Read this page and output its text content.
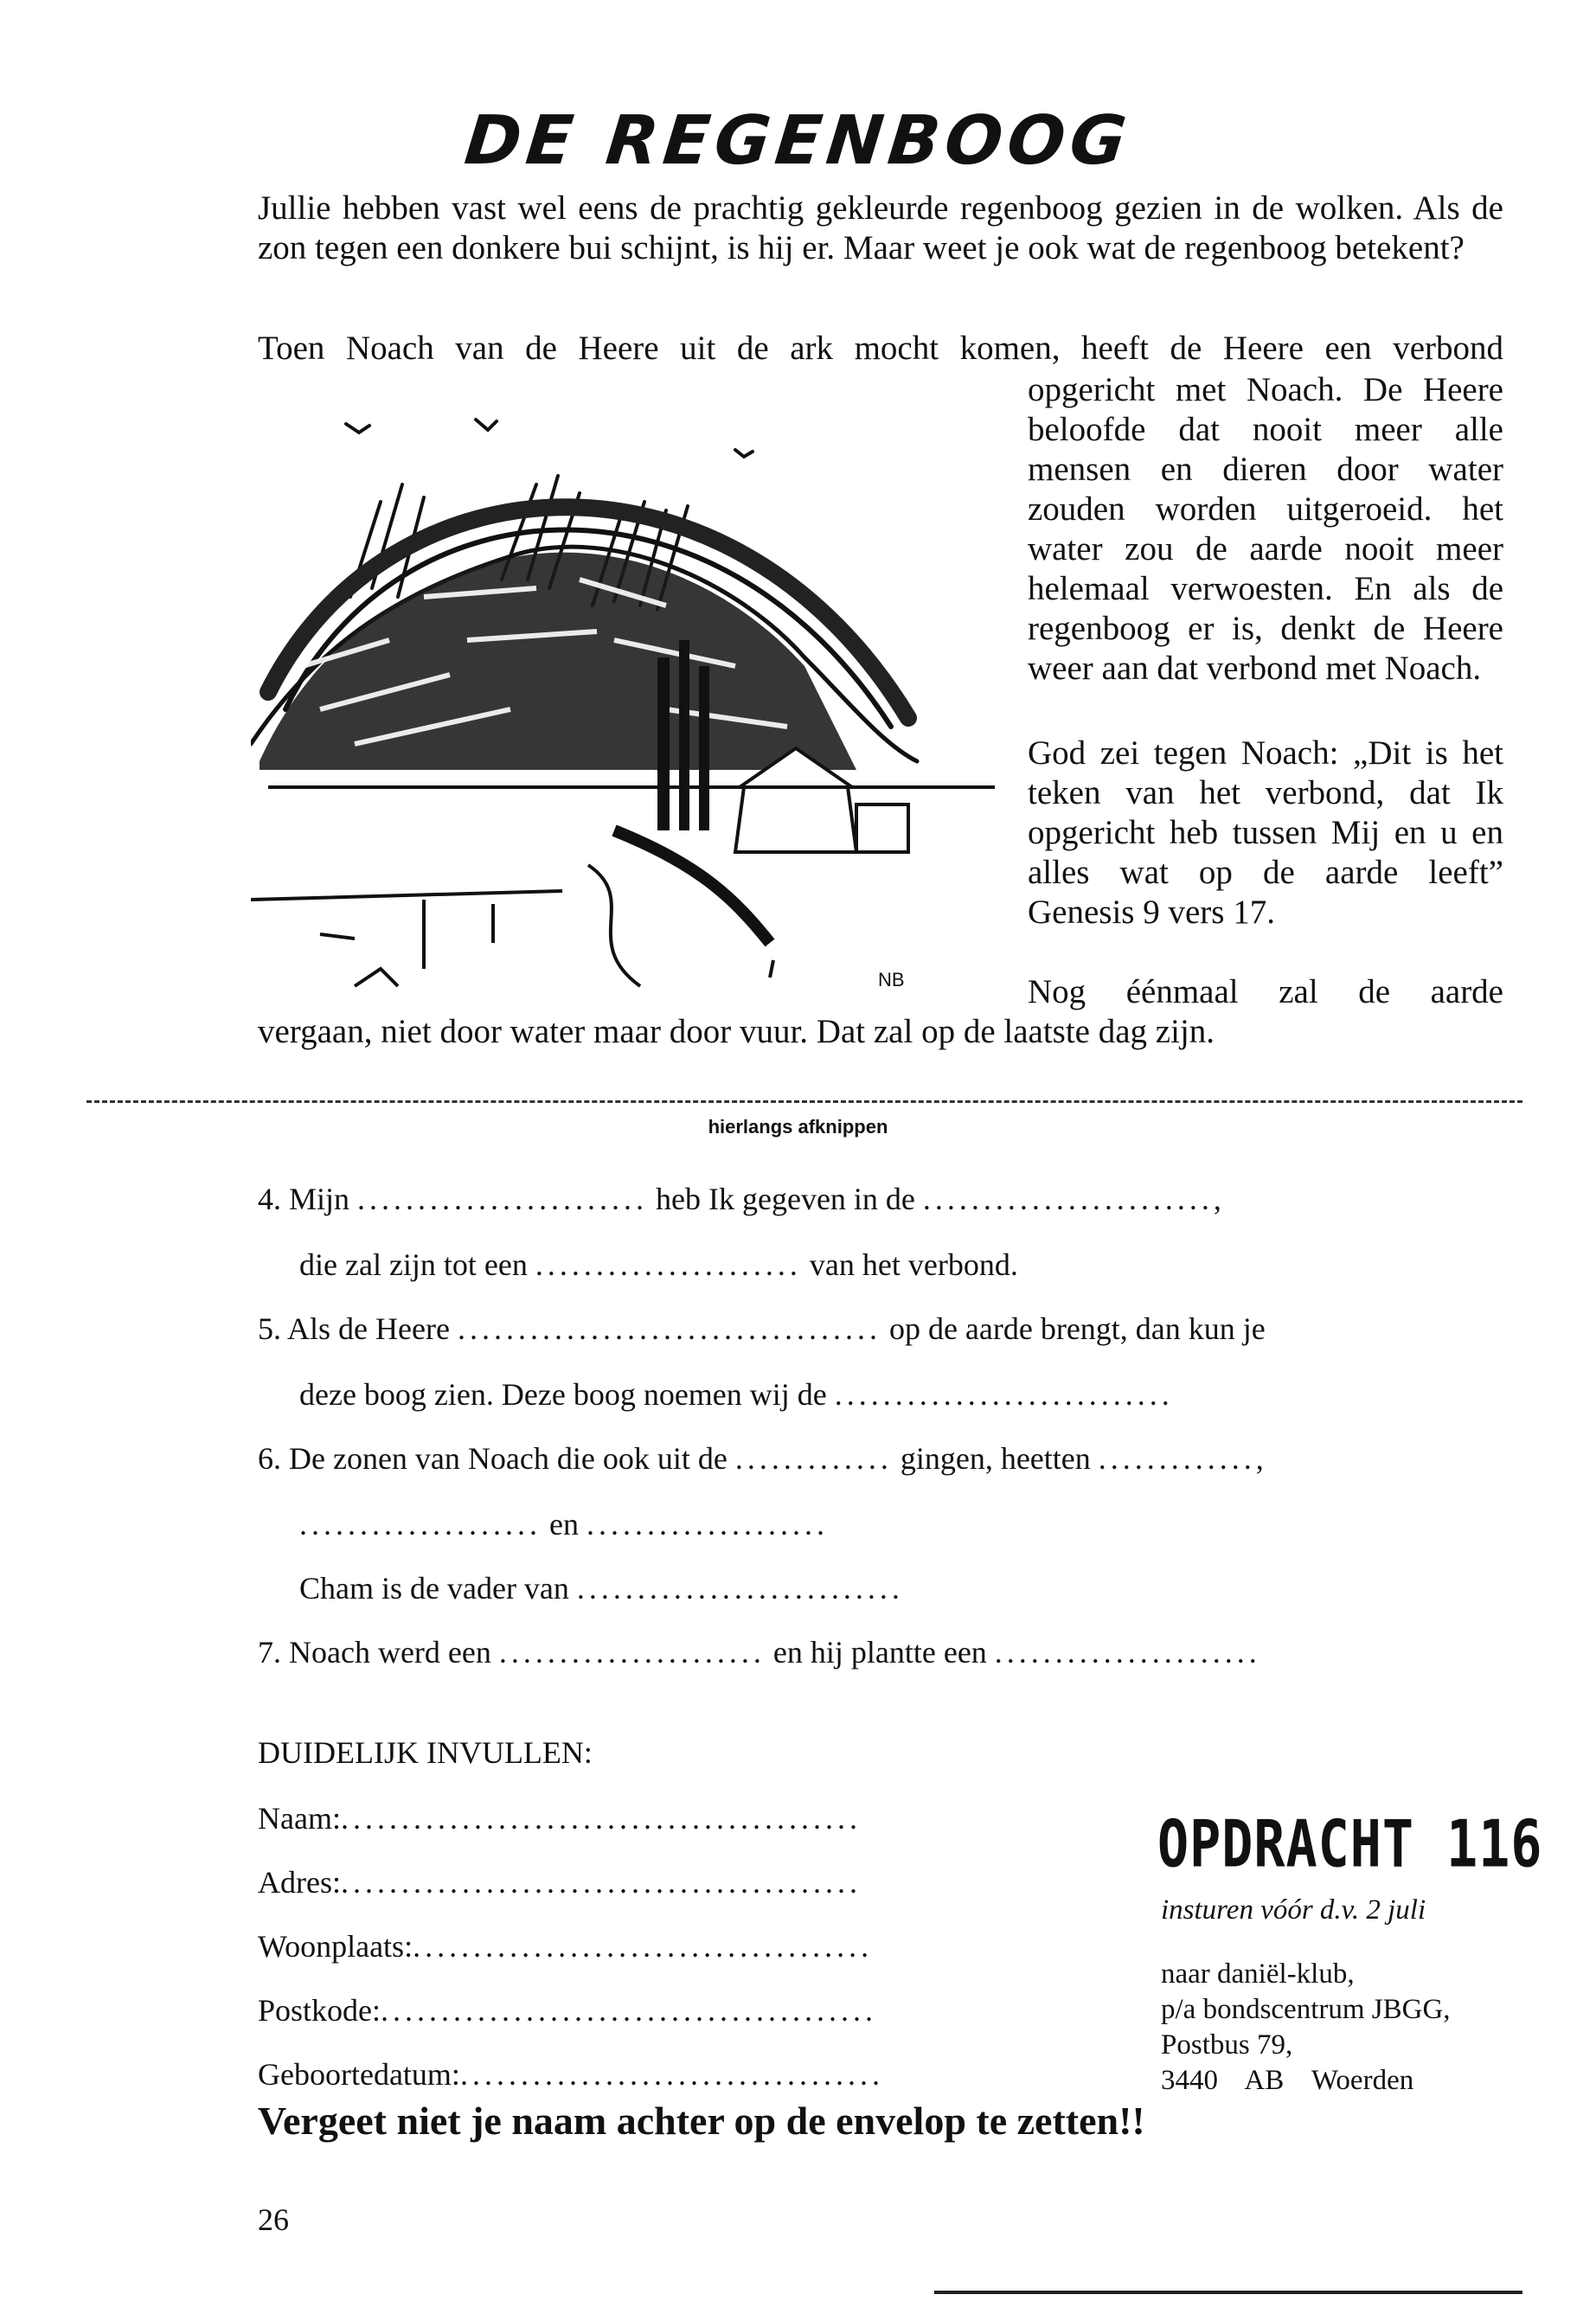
DE REGENBOOG

Jullie hebben vast wel eens de prachtig gekleurde regenboog gezien in de wolken. Als de zon tegen een donkere bui schijnt, is hij er. Maar weet je ook wat de regenboog betekent?

Toen Noach van de Heere uit de ark mocht komen, heeft de Heere een verbond

NB

opgericht met Noach. De Heere beloofde dat nooit meer alle mensen en dieren door water zouden worden uitgeroeid. het water zou de aarde nooit meer helemaal verwoesten. En als de regenboog er is, denkt de Heere weer aan dat verbond met Noach.

God zei tegen Noach: „Dit is het teken van het verbond, dat Ik opgericht heb tussen Mij en u en alles wat op de aarde leeft” Genesis 9 vers 17.

Nog éénmaal zal de aarde

vergaan, niet door water maar door vuur. Dat zal op de laatste dag zijn.

hierlangs afknippen
4. Mijn ........................ heb Ik gegeven in de ........................,
die zal zijn tot een ...................... van het verbond.
5. Als de Heere ................................... op de aarde brengt, dan kun je
deze boog zien. Deze boog noemen wij de ............................
6. De zonen van Noach die ook uit de ............. gingen, heetten .............,
.................... en ....................
Cham is de vader van ...........................
7. Noach werd een ...................... en hij plantte een ......................
DUIDELIJK INVULLEN:
Naam:...........................................
Adres:...........................................
Woonplaats:......................................
Postkode:.........................................
Geboortedatum:...................................
OPDRACHT 116
insturen vóór d.v. 2 juli
naar daniël-klub,
p/a bondscentrum JBGG,
Postbus 79,
3440 AB Woerden
Vergeet niet je naam achter op de envelop te zetten!!
26
